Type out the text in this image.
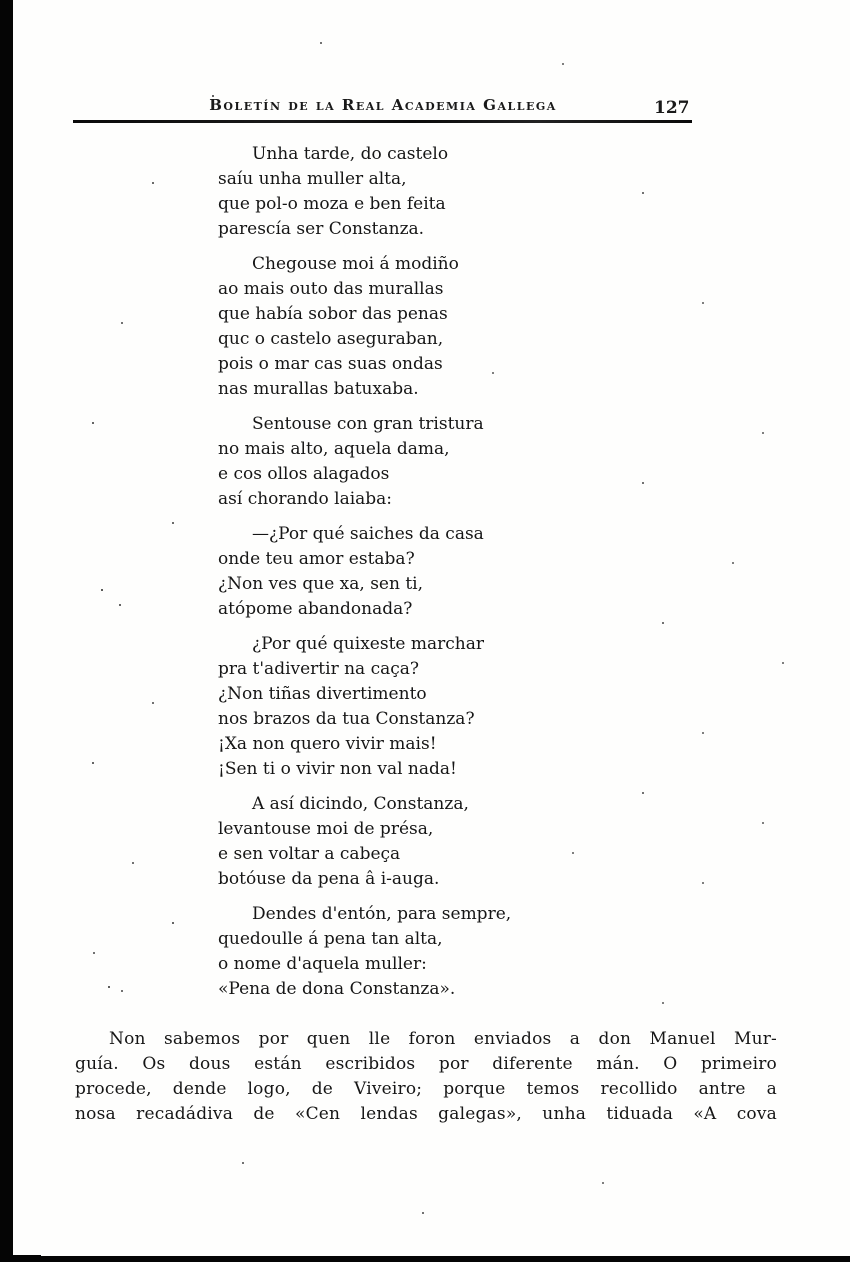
Boletín de la Real Academia Gallega	127
Unha tarde, do castelo
saíu unha muller alta,
que pol-o moza e ben feita
parescía ser Constanza.
Chegouse moi á modiño
ao mais outo das murallas
que había sobor das penas
quc o castelo aseguraban,
pois o mar cas suas ondas
nas murallas batuxaba.
Sentouse con gran tristura
no mais alto, aquela dama,
e cos ollos alagados
así chorando laiaba:
—¿Por qué saiches da casa
onde teu amor estaba?
¿Non ves que xa, sen ti,
atópome abandonada?
¿Por qué quixeste marchar
pra t'adivertir na caça?
¿Non tiñas divertimento
nos brazos da tua Constanza?
¡Xa non quero vivir mais!
¡Sen ti o vivir non val nada!
A así dicindo, Constanza,
levantouse moi de présa,
e sen voltar a cabeça
botóuse da pena â i-auga.
Dendes d'entón, para sempre,
quedoulle á pena tan alta,
o nome d'aquela muller:
«Pena de dona Constanza».
Non sabemos por quen lle foron enviados a don Manuel Mur-
guía. Os dous están escribidos por diferente mán. O primeiro
procede, dende logo, de Viveiro; porque temos recollido antre a
nosa recadádiva de «Cen lendas galegas», unha tiduada «A cova
